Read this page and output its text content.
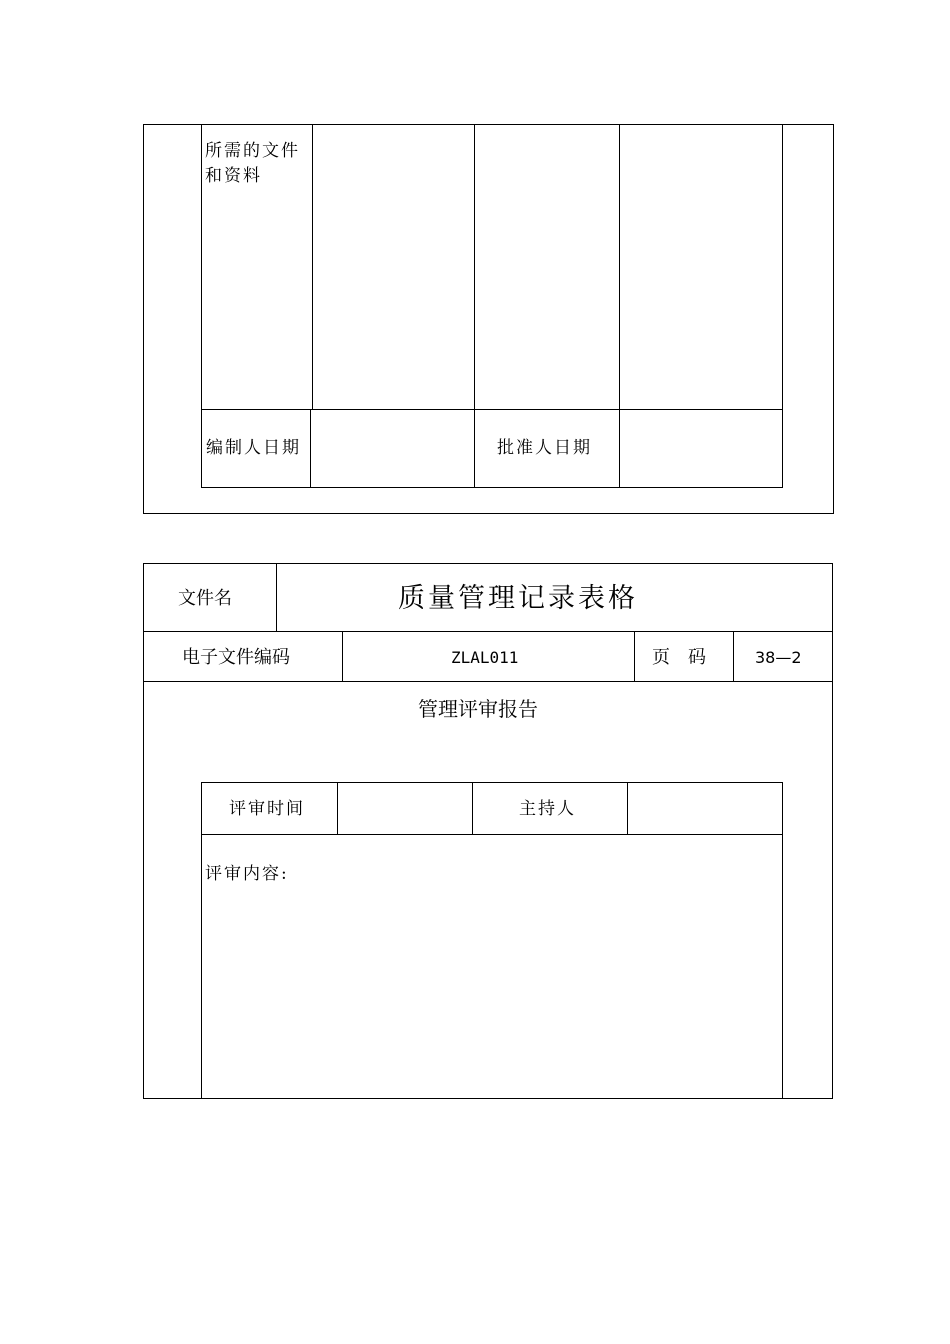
所需的文件
和资料
编制人日期	批准人日期
文件名	质量管理记录表格
电子文件编码	ZLAL011	页　码	38—2
管理评审报告
评审时间	主持人
评审内容:
